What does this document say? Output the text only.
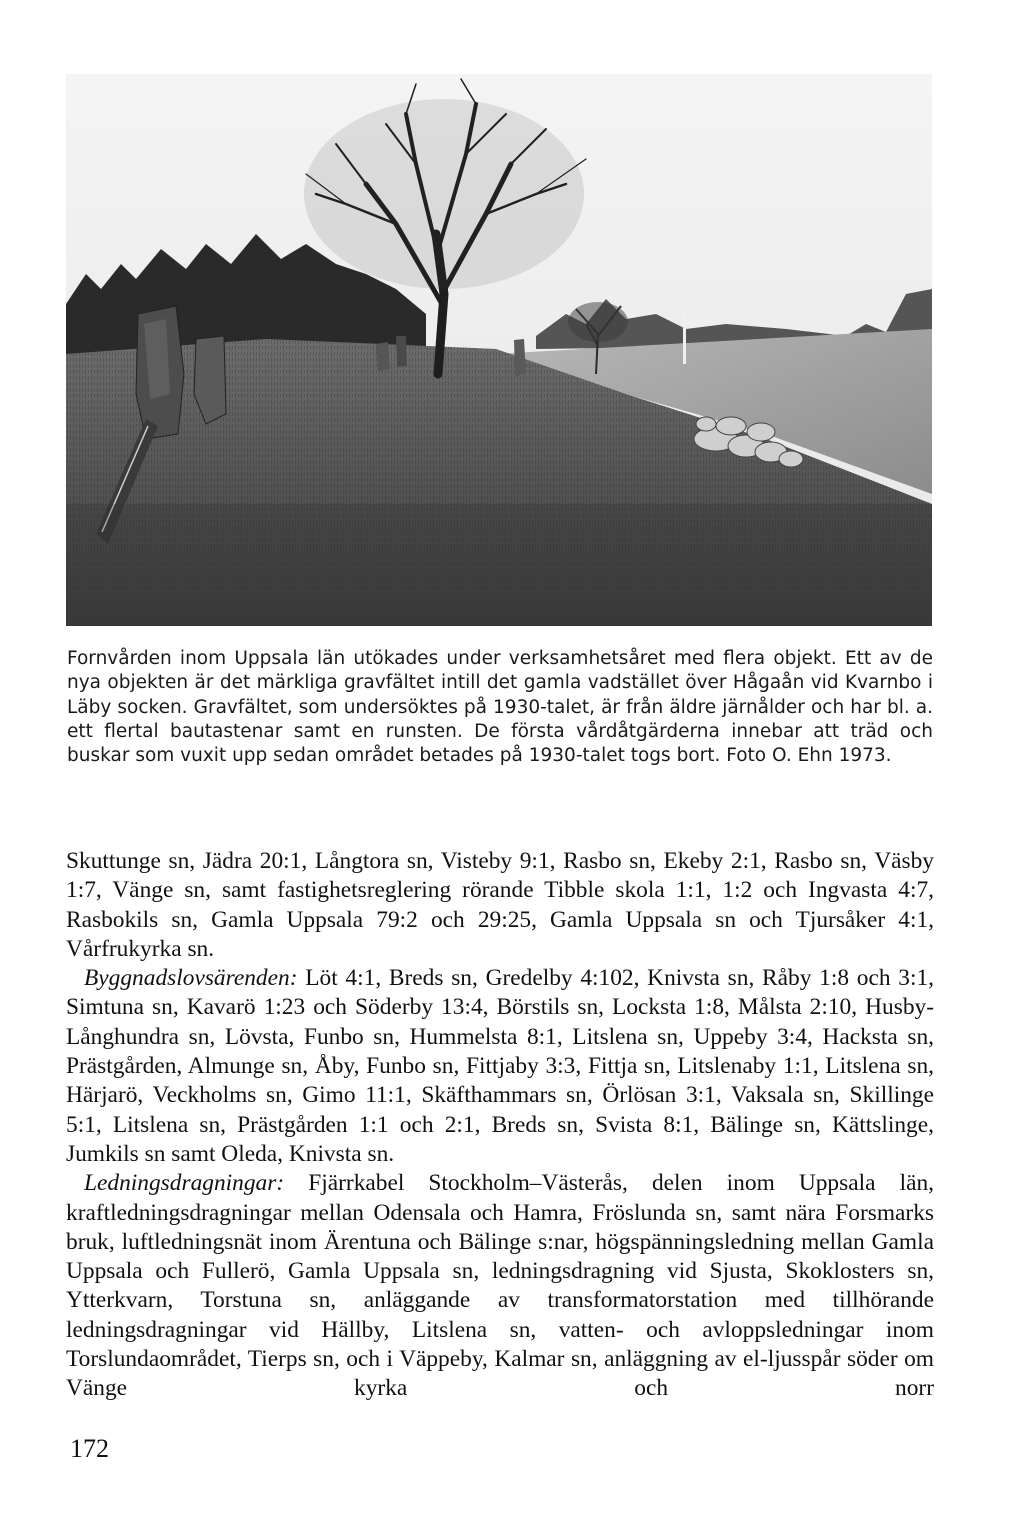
Fornvården inom Uppsala län utökades under verksamhetsåret med flera objekt. Ett av de nya objekten är det märkliga gravfältet intill det gamla vadstället över Hågaån vid Kvarnbo i Läby socken. Gravfältet, som undersöktes på 1930-talet, är från äldre järnålder och har bl. a. ett flertal bautastenar samt en runsten. De första vårdåtgärderna innebar att träd och buskar som vuxit upp sedan området betades på 1930-talet togs bort. Foto O. Ehn 1973.

Skuttunge sn, Jädra 20:1, Långtora sn, Visteby 9:1, Rasbo sn, Ekeby 2:1, Rasbo sn, Väsby 1:7, Vänge sn, samt fastighetsreglering rörande Tibble skola 1:1, 1:2 och Ingvasta 4:7, Rasbokils sn, Gamla Uppsala 79:2 och 29:25, Gamla Uppsala sn och Tjursåker 4:1, Vårfrukyrka sn.

Byggnadslovsärenden: Löt 4:1, Breds sn, Gredelby 4:102, Knivsta sn, Råby 1:8 och 3:1, Simtuna sn, Kavarö 1:23 och Söderby 13:4, Börstils sn, Locksta 1:8, Målsta 2:10, Husby-Långhundra sn, Lövsta, Funbo sn, Hummelsta 8:1, Litslena sn, Uppeby 3:4, Hacksta sn, Prästgården, Almunge sn, Åby, Funbo sn, Fittjaby 3:3, Fittja sn, Litslenaby 1:1, Litslena sn, Härjarö, Veckholms sn, Gimo 11:1, Skäfthammars sn, Örlösan 3:1, Vaksala sn, Skillinge 5:1, Litslena sn, Prästgården 1:1 och 2:1, Breds sn, Svista 8:1, Bälinge sn, Kättslinge, Jumkils sn samt Oleda, Knivsta sn.

Ledningsdragningar: Fjärrkabel Stockholm–Västerås, delen inom Uppsala län, kraftledningsdragningar mellan Odensala och Hamra, Fröslunda sn, samt nära Forsmarks bruk, luftledningsnät inom Ärentuna och Bälinge s:nar, högspänningsledning mellan Gamla Uppsala och Fullerö, Gamla Uppsala sn, ledningsdragning vid Sjusta, Skoklosters sn, Ytterkvarn, Torstuna sn, anläggande av transformatorstation med tillhörande ledningsdragningar vid Hällby, Litslena sn, vatten- och avloppsledningar inom Torslundaområdet, Tierps sn, och i Väppeby, Kalmar sn, anläggning av el-ljusspår söder om Vänge kyrka och norr

172
